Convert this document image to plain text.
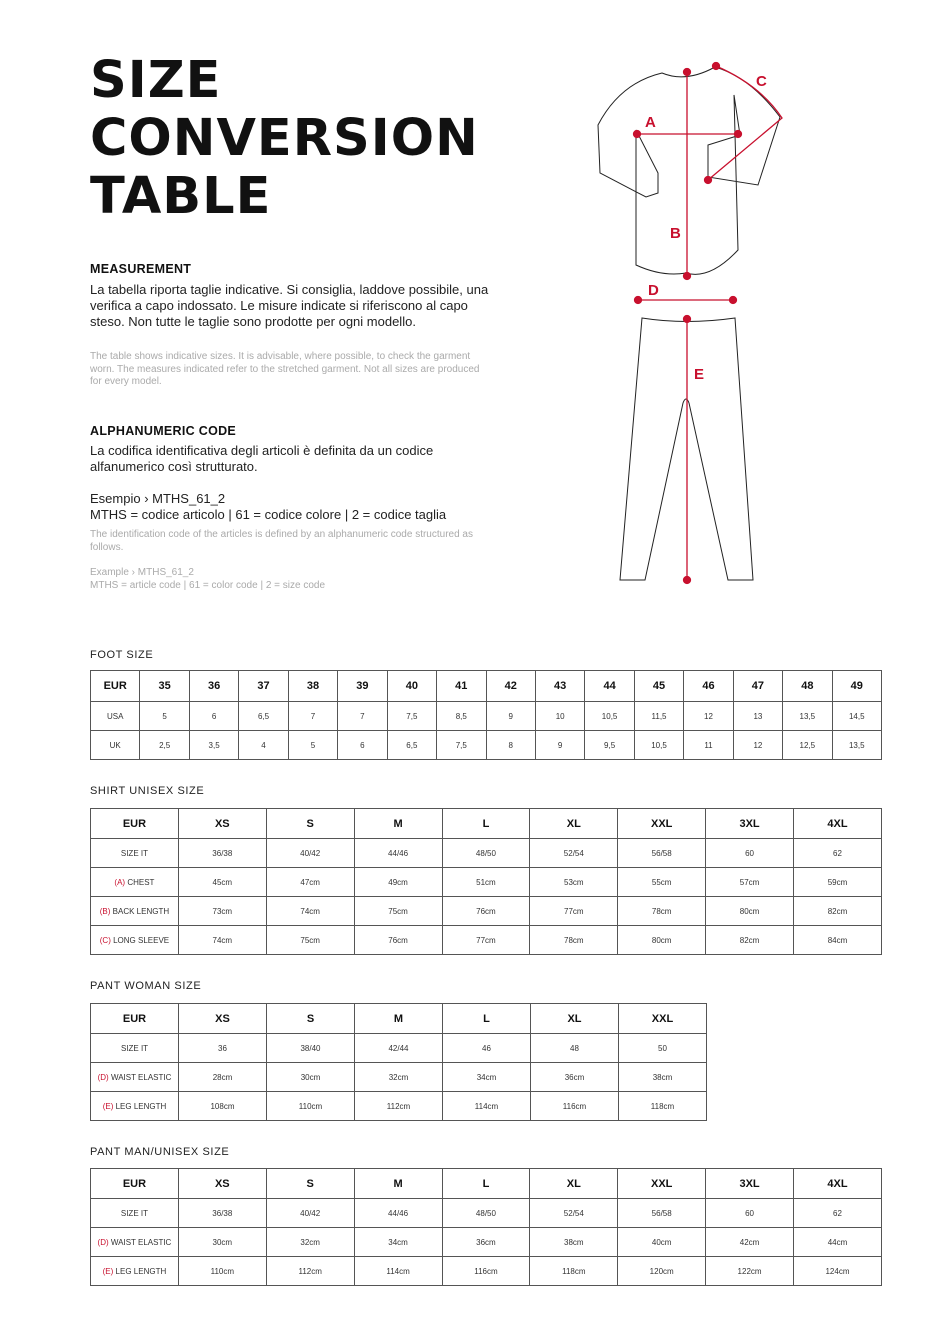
SIZE
CONVERSION
TABLE
MEASUREMENT
La tabella riporta taglie indicative. Si consiglia, laddove possibile, una verifica a capo indossato. Le misure indicate si riferiscono al capo steso. Non tutte le taglie sono prodotte per ogni modello.
The table shows indicative sizes. It is advisable, where possible, to check the garment worn. The measures indicated refer to the stretched garment. Not all sizes are produced for every model.
ALPHANUMERIC CODE
La codifica identificativa degli articoli è definita da un codice alfanumerico così strutturato.
Esempio › MTHS_61_2
MTHS = codice articolo | 61 = codice colore | 2 = codice taglia
The identification code of the articles is defined by an alphanumeric code structured as follows.
Example › MTHS_61_2
MTHS = article code | 61 = color code | 2 = size code
A
B
C
D
E
FOOT SIZE
EUR	35	36	37	38	39	40	41	42	43	44	45	46	47	48	49
USA	5	6	6,5	7	7	7,5	8,5	9	10	10,5	11,5	12	13	13,5	14,5
UK	2,5	3,5	4	5	6	6,5	7,5	8	9	9,5	10,5	11	12	12,5	13,5
SHIRT UNISEX SIZE
EUR	XS	S	M	L	XL	XXL	3XL	4XL
SIZE IT	36/38	40/42	44/46	48/50	52/54	56/58	60	62
(A) CHEST	45cm	47cm	49cm	51cm	53cm	55cm	57cm	59cm
(B) BACK LENGTH	73cm	74cm	75cm	76cm	77cm	78cm	80cm	82cm
(C) LONG SLEEVE	74cm	75cm	76cm	77cm	78cm	80cm	82cm	84cm
PANT WOMAN SIZE
EUR	XS	S	M	L	XL	XXL
SIZE IT	36	38/40	42/44	46	48	50
(D) WAIST ELASTIC	28cm	30cm	32cm	34cm	36cm	38cm
(E) LEG LENGTH	108cm	110cm	112cm	114cm	116cm	118cm
PANT MAN/UNISEX SIZE
EUR	XS	S	M	L	XL	XXL	3XL	4XL
SIZE IT	36/38	40/42	44/46	48/50	52/54	56/58	60	62
(D) WAIST ELASTIC	30cm	32cm	34cm	36cm	38cm	40cm	42cm	44cm
(E) LEG LENGTH	110cm	112cm	114cm	116cm	118cm	120cm	122cm	124cm
